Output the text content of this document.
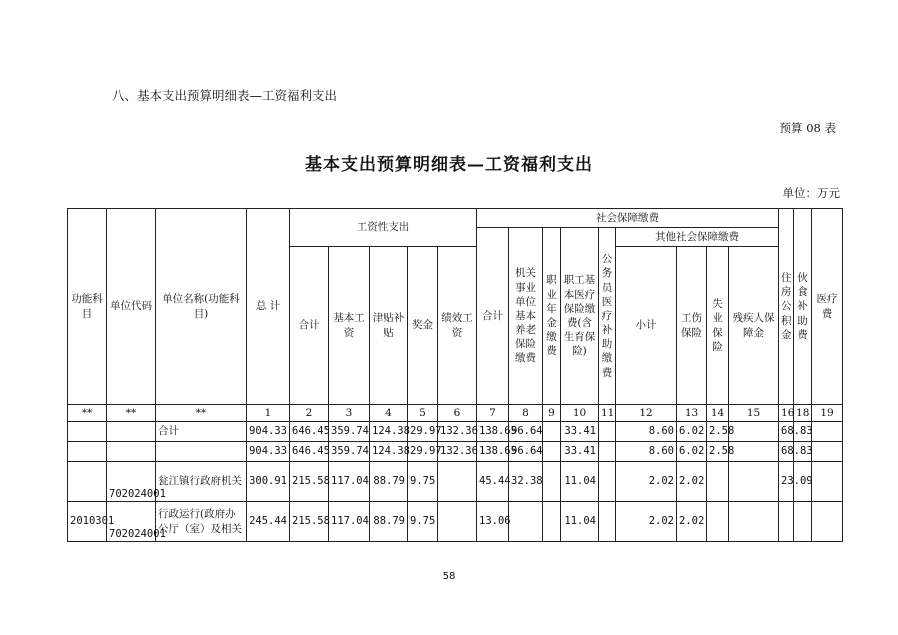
八、基本支出预算明细表—工资福利支出
预算 08 表
基本支出预算明细表—工资福利支出
单位：万元
功能科目	单位代码	单位名称(功能科目)	总 计	工资性支出					社会保障缴费									住房公积金	伙食补助费	医疗费	
									合计	机关事业单位基本养老保险缴费	职业年金缴费	职工基本医疗保险缴费(含生育保险)	公务员医疗补助缴费	其他社会保障缴费							
				合计	基本工资	津贴补贴	奖金	绩效工资						小计	工伤保险	失业保险	残疾人保障金				

**	**	**	1	2	3	4	5	6	7	8	9	10	11	12	13	14	15	16	18	19	
		合计	904.33	646.45	359.74	124.38	29.97	132.36	138.65	96.64		33.41		8.60	6.02	2.58		68.83			
			904.33	646.45	359.74	124.38	29.97	132.36	138.65	96.64		33.41		8.60	6.02	2.58		68.83			
	702024001	瓮江镇行政府机关	300.91	215.58	117.04	88.79	9.75		45.44	32.38		11.04		2.02	2.02			23.09			
2010301	702024001	行政运行(政府办公厅（室）及相关	245.44	215.58	117.04	88.79	9.75		13.06			11.04		2.02	2.02						
58
